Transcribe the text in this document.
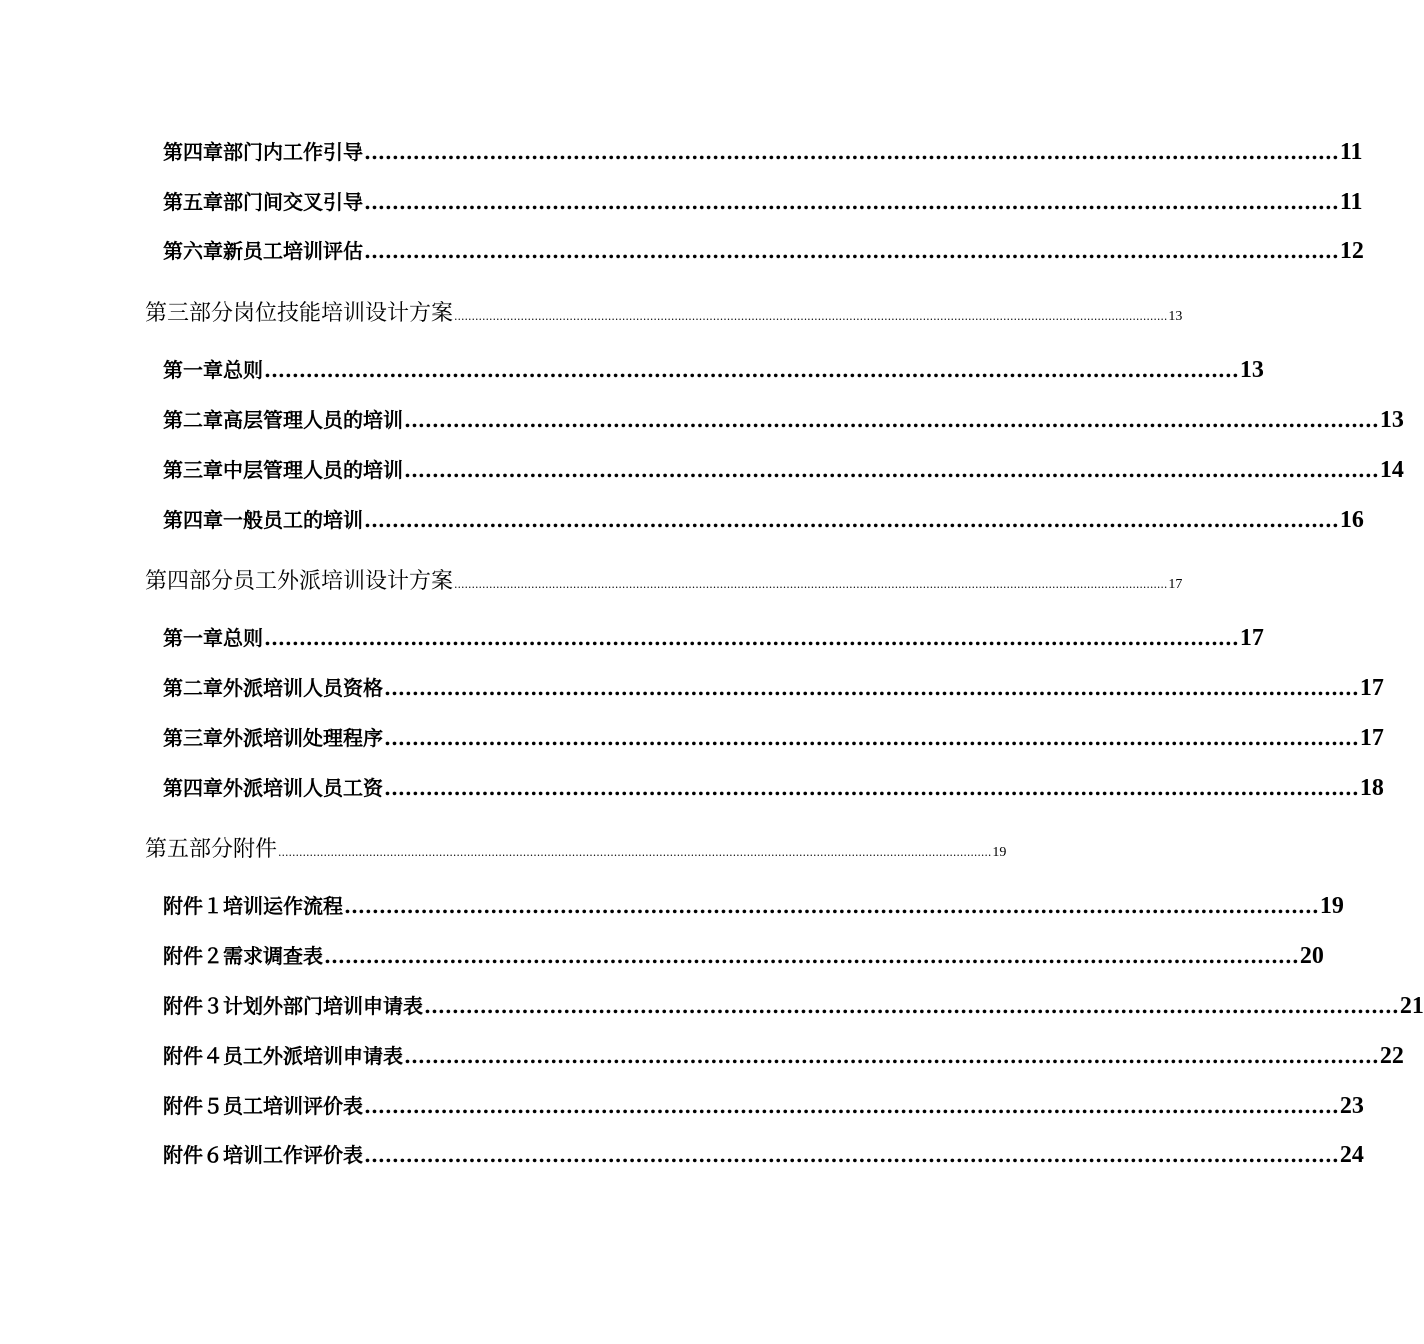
第四章 部门内工作引导 ............................................................................................................................................ 11
第五章 部门间交叉引导 ............................................................................................................................................ 11
第六章 新员工培训评估 ............................................................................................................................................ 12
第三部分 岗位技能培训设计方案 ............................................................................................................................................................................................................ 13
第一章 总则 ............................................................................................................................................ 13
第二章 高层管理人员的培训 ............................................................................................................................................ 13
第三章 中层管理人员的培训 ............................................................................................................................................ 14
第四章 一般员工的培训 ............................................................................................................................................ 16
第四部分 员工外派培训设计方案 ............................................................................................................................................................................................................ 17
第一章 总则 ............................................................................................................................................ 17
第二章 外派培训人员资格 ............................................................................................................................................ 17
第三章 外派培训处理程序 ............................................................................................................................................ 17
第四章 外派培训人员工资 ............................................................................................................................................ 18
第五部分 附件 ............................................................................................................................................................................................................ 19
附件１ 培训运作流程 ............................................................................................................................................ 19
附件２ 需求调查表 ............................................................................................................................................ 20
附件３ 计划外部门培训申请表 ............................................................................................................................................ 21
附件４ 员工外派培训申请表 ............................................................................................................................................ 22
附件５ 员工培训评价表 ............................................................................................................................................ 23
附件６ 培训工作评价表 ............................................................................................................................................ 24
